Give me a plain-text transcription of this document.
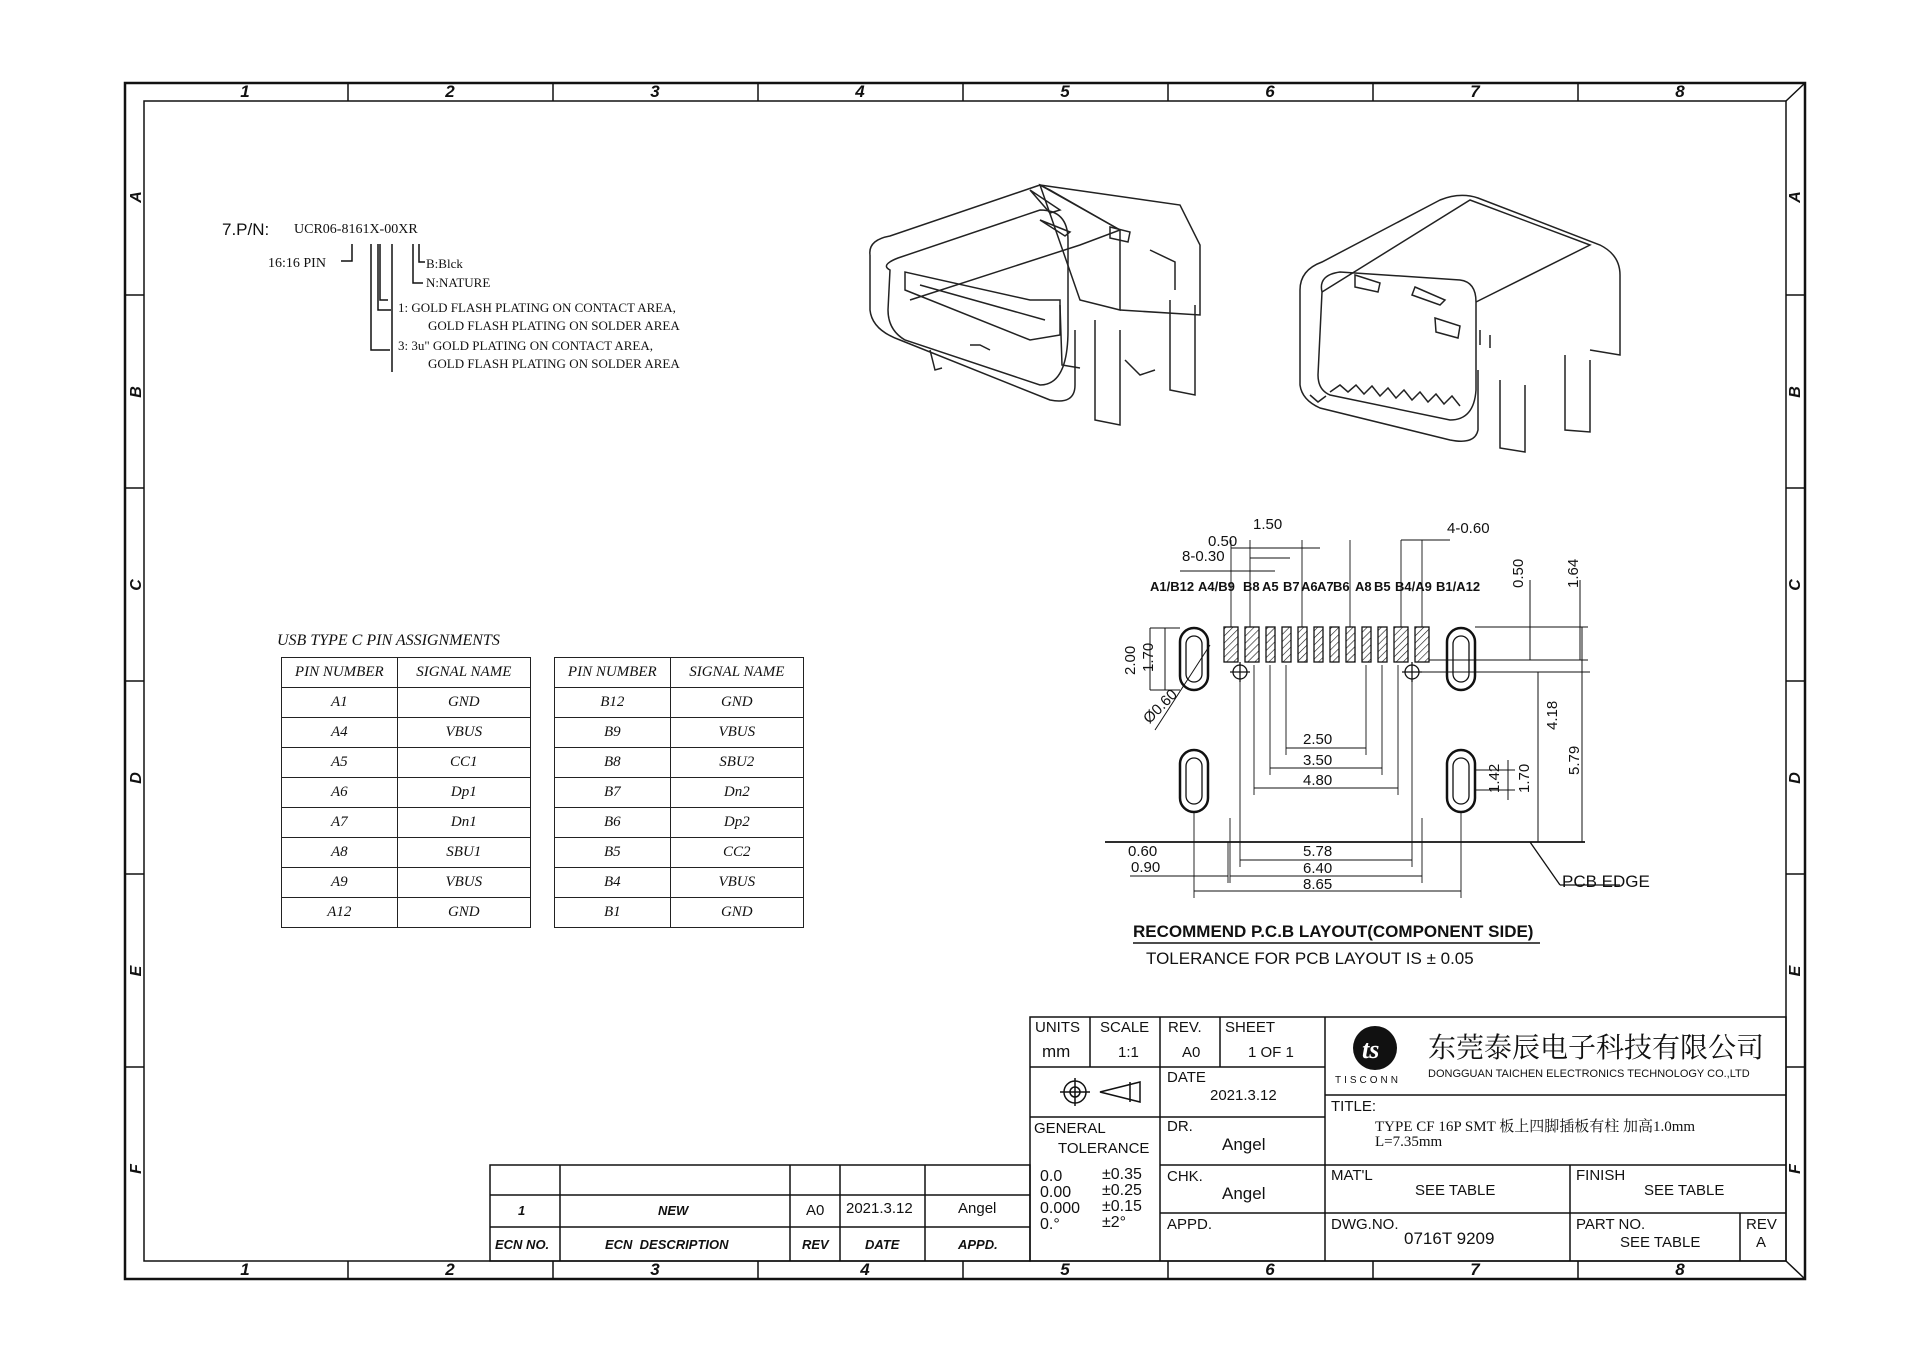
ts
1	2	3	4	5	6	7	8
1	2	3	4	5	6	7	8
A
B
C
D
E
F
A
B
C
D
E
F
7.P/N: UCR06-8161X-00XR
16:16 PIN	B:Blck
N:NATURE
1: GOLD FLASH PLATING ON CONTACT AREA,
GOLD FLASH PLATING ON SOLDER AREA
3: 3u" GOLD PLATING ON CONTACT AREA,
GOLD FLASH PLATING ON SOLDER AREA
USB TYPE C PIN ASSIGNMENTS
PIN NUMBER	SIGNAL NAME
A1	GND
A4	VBUS
A5	CC1
A6	Dp1
A7	Dn1
A8	SBU1
A9	VBUS
A12	GND
PIN NUMBER	SIGNAL NAME
B12	GND
B9	VBUS
B8	SBU2
B7	Dn2
B6	Dp2
B5	CC2
B4	VBUS
B1	GND
A1/B12 A4/B9 B8 A5 B7 A6 A7 B6 A8 B5 B4/A9 B1/A12
1.50
0.50
8-0.30
4-0.60
0.50	1.64
2.00 1.70
4.18
5.79
1.42 1.70
Ø0.60
2.50
3.50
4.80
5.78
6.40
8.65
0.60
0.90
PCB EDGE
RECOMMEND P.C.B LAYOUT(COMPONENT SIDE)
TOLERANCE FOR PCB LAYOUT IS ± 0.05
UNITS
mm
SCALE
1:1
REV.
A0
SHEET
1 OF 1
DATE
2021.3.12
GENERAL
TOLERANCE
0.0 ±0.35
0.00 ±0.25
0.000 ±0.15
0.°	±2°
DR.
Angel
CHK.
Angel
APPD.
TISCONN
东莞泰辰电子科技有限公司
DONGGUAN TAICHEN ELECTRONICS TECHNOLOGY CO.,LTD
TITLE:
TYPE CF 16P SMT 板上四脚插板有柱 加高1.0mm
L=7.35mm
MAT'L
SEE TABLE
FINISH
SEE TABLE
DWG.NO.
0716T 9209
PART NO.
SEE TABLE
REV
A
1	NEW	A0 2021.3.12	Angel
ECN NO.	ECN  DESCRIPTION	REV	DATE	APPD.
